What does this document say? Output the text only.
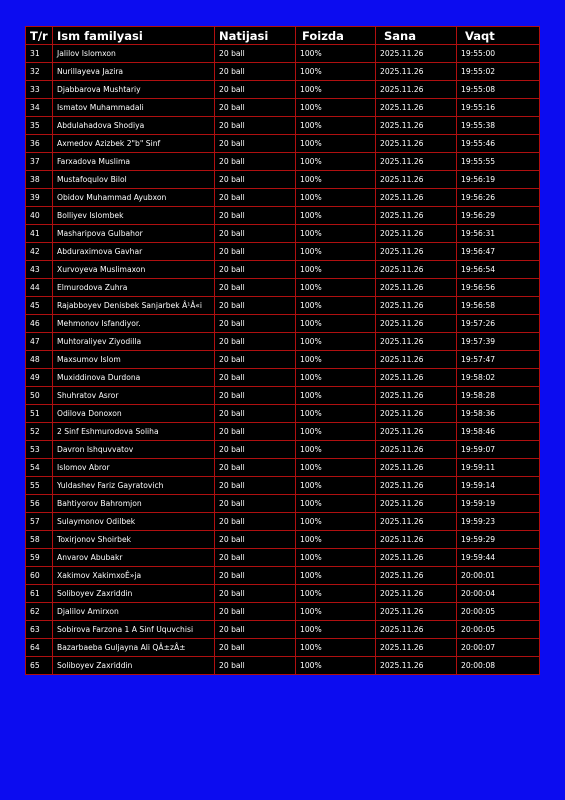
T/r	Ism familyasi	Natijasi	Foizda	Sana	Vaqt
31	Jalilov Islomxon	20 ball	100%	2025.11.26	19:55:00
32	Nurillayeva Jazira	20 ball	100%	2025.11.26	19:55:02
33	Djabbarova Mushtariy	20 ball	100%	2025.11.26	19:55:08
34	Ismatov Muhammadali	20 ball	100%	2025.11.26	19:55:16
35	Abdulahadova Shodiya	20 ball	100%	2025.11.26	19:55:38
36	Axmedov Azizbek 2"b" Sinf	20 ball	100%	2025.11.26	19:55:46
37	Farxadova Muslima	20 ball	100%	2025.11.26	19:55:55
38	Mustafoqulov Bilol	20 ball	100%	2025.11.26	19:56:19
39	Obidov Muhammad Ayubxon	20 ball	100%	2025.11.26	19:56:26
40	Bolliyev Islombek	20 ball	100%	2025.11.26	19:56:29
41	Masharipova Gulbahor	20 ball	100%	2025.11.26	19:56:31
42	Abduraximova Gavhar	20 ball	100%	2025.11.26	19:56:47
43	Xurvoyeva Muslimaxon	20 ball	100%	2025.11.26	19:56:54
44	Elmurodova Zuhra	20 ball	100%	2025.11.26	19:56:56
45	Rajabboyev Denisbek Sanjarbek Â¹Â«i	20 ball	100%	2025.11.26	19:56:58
46	Mehmonov Isfandiyor.	20 ball	100%	2025.11.26	19:57:26
47	Muhtoraliyev Ziyodilla	20 ball	100%	2025.11.26	19:57:39
48	Maxsumov Islom	20 ball	100%	2025.11.26	19:57:47
49	Muxiddinova Durdona	20 ball	100%	2025.11.26	19:58:02
50	Shuhratov Asror	20 ball	100%	2025.11.26	19:58:28
51	Odilova Donoxon	20 ball	100%	2025.11.26	19:58:36
52	2 Sinf Eshmurodova Soliha	20 ball	100%	2025.11.26	19:58:46
53	Davron Ishquvvatov	20 ball	100%	2025.11.26	19:59:07
54	Islomov Abror	20 ball	100%	2025.11.26	19:59:11
55	Yuldashev Fariz Gayratovich	20 ball	100%	2025.11.26	19:59:14
56	Bahtiyorov Bahromjon	20 ball	100%	2025.11.26	19:59:19
57	Sulaymonov Odilbek	20 ball	100%	2025.11.26	19:59:23
58	Toxirjonov Shoirbek	20 ball	100%	2025.11.26	19:59:29
59	Anvarov Abubakr	20 ball	100%	2025.11.26	19:59:44
60	Xakimov XakimxoÊ»ja	20 ball	100%	2025.11.26	20:00:01
61	Soliboyev Zaxriddin	20 ball	100%	2025.11.26	20:00:04
62	Djalilov Amirxon	20 ball	100%	2025.11.26	20:00:05
63	Sobirova Farzona 1 A Sinf Uquvchisi	20 ball	100%	2025.11.26	20:00:05
64	Bazarbaeba Guljayna Ali QÂ±zÂ±	20 ball	100%	2025.11.26	20:00:07
65	Soliboyev Zaxriddin	20 ball	100%	2025.11.26	20:00:08
